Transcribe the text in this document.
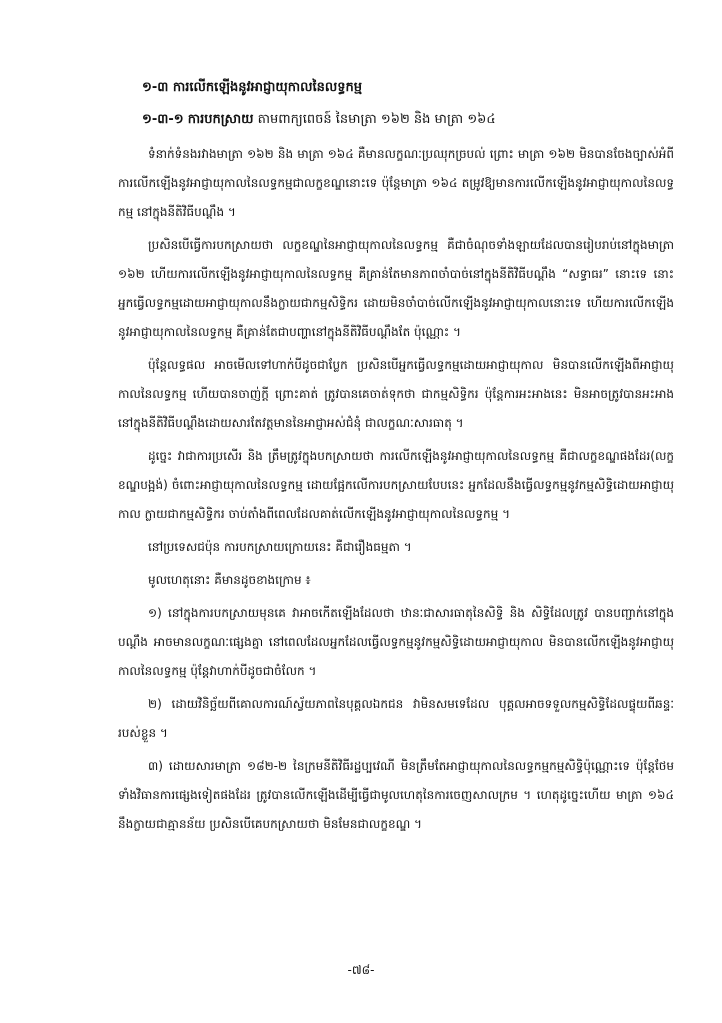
១-៣ ការលើកឡើងនូវអាជ្ញាយុកាលនៃលទ្ធកម្ម
១-៣-១ ការបកស្រាយ តាមពាក្យពេចន៍ នៃមាត្រា ១៦២ និង មាត្រា ១៦៤

ទំនាក់ទំនងរវាងមាត្រា ១៦២ និង មាត្រា ១៦៤ គឺមានលក្ខណៈប្រឈុកច្របល់ ព្រោះ មាត្រា ១៦២ មិនបានចែងច្បាស់អំពី ការលើកឡើងនូវអាជ្ញាយុកាលនៃលទ្ធកម្មជាលក្ខខណ្ឌនោះទេ ប៉ុន្តែមាត្រា ១៦៤ តម្រូវឱ្យមានការលើកឡើងនូវអាជ្ញាយុកាលនៃលទ្ធកម្ម នៅក្នុងនីតិវិធីបណ្តឹង ។

ប្រសិនបើធ្វើការបកស្រាយថា លក្ខខណ្ឌនៃអាជ្ញាយុកាលនៃលទ្ធកម្ម គឺជាចំណុចទាំងឡាយដែលបានរៀបរាប់នៅក្នុងមាត្រា ១៦២ ហើយការលើកឡើងនូវអាជ្ញាយុកាលនៃលទ្ធកម្ម គឺគ្រាន់តែមានភាពចាំបាច់នៅក្នុងនីតិវិធីបណ្តឹង “សទ្ធាធរ” នោះទេ នោះអ្នកធ្វើលទ្ធកម្មដោយអាជ្ញាយុកាលនឹងក្លាយជាកម្មសិទ្ធិករ ដោយមិនចាំបាច់លើកឡើងនូវអាជ្ញាយុកាលនោះទេ ហើយការលើកឡើងនូវអាជ្ញាយុកាលនៃលទ្ធកម្ម គឺគ្រាន់តែជាបញ្ហានៅក្នុងនីតិវិធីបណ្តឹងតែ ប៉ុណ្ណោះ ។

ប៉ុន្តែលទ្ធផល អាចមើលទៅហាក់បីដូចជាប្លែក ប្រសិនបើអ្នកធ្វើលទ្ធកម្មដោយអាជ្ញាយុកាល មិនបានលើកឡើងពីអាជ្ញាយុកាលនៃលទ្ធកម្ម ហើយបានចាញ់ក្តី ព្រោះគាត់ ត្រូវបានគេចាត់ទុកថា ជាកម្មសិទ្ធិករ ប៉ុន្តែការអះអាងនេះ មិនអាចត្រូវបានអះអាងនៅក្នុងនីតិវិធីបណ្តឹងដោយសារតែវត្តមាននៃអាជ្ញាអស់ជំនុំ ជាលក្ខណៈសារធាតុ ។

ដូច្នេះ វាជាការប្រសើរ និង ត្រឹមត្រូវក្នុងបកស្រាយថា ការលើកឡើងនូវអាជ្ញាយុកាលនៃលទ្ធកម្ម គឺជាលក្ខខណ្ឌផងដែរ(លក្ខខណ្ឌបង្អង់) ចំពោះអាជ្ញាយុកាលនៃលទ្ធកម្ម ដោយផ្អែកលើការបកស្រាយបែបនេះ អ្នកដែលនឹងធ្វើលទ្ធកម្មនូវកម្មសិទ្ធិដោយអាជ្ញាយុកាល ក្លាយជាកម្មសិទ្ធិករ ចាប់តាំងពីពេលដែលគាត់លើកឡើងនូវអាជ្ញាយុកាលនៃលទ្ធកម្ម ។

នៅប្រទេសជប៉ុន ការបកស្រាយក្រោយនេះ គឺជារឿងធម្មតា ។

មូលហេតុនោះ គឺមានដូចខាងក្រោម ៖

១) នៅក្នុងការបកស្រាយមុនគេ វាអាចកើតឡើងដែលថា ឋានៈជាសារធាតុនៃសិទ្ធិ និង សិទ្ធិដែលត្រូវ បានបញ្ជាក់នៅក្នុងបណ្តឹង អាចមានលក្ខណៈផ្សេងគ្នា នៅពេលដែលអ្នកដែលធ្វើលទ្ធកម្មនូវកម្មសិទ្ធិដោយអាជ្ញាយុកាល មិនបានលើកឡើងនូវអាជ្ញាយុកាលនៃលទ្ធកម្ម ប៉ុន្តែវាហាក់បីដូចជាចំលែក ។

២) ដោយវិនិច្ឆ័យពីគោលការណ៍ស្វ័យភាពនៃបុគ្គលឯកជន វាមិនសមទេដែល បុគ្គលអាចទទួលកម្មសិទ្ធិដែលផ្ទុយពីឆន្ទៈរបស់ខ្លួន ។

៣) ដោយសារមាត្រា ១៨២-២ នៃក្រមនីតិវិធីរដ្ឋប្បវេណី មិនត្រឹមតែអាជ្ញាយុកាលនៃលទ្ធកម្មកម្មសិទ្ធិប៉ុណ្ណោះទេ ប៉ុន្តែថែមទាំងវិធានការផ្សេងទៀតផងដែរ ត្រូវបានលើកឡើងដើម្បីធ្វើជាមូលហេតុនៃការចេញសាលក្រម ។ ហេតុដូច្នេះហើយ មាត្រា ១៦៤ នឹងក្លាយជាគ្មានន័យ ប្រសិនបើគេបកស្រាយថា មិនមែនជាលក្ខខណ្ឌ ។

-៧៨-
